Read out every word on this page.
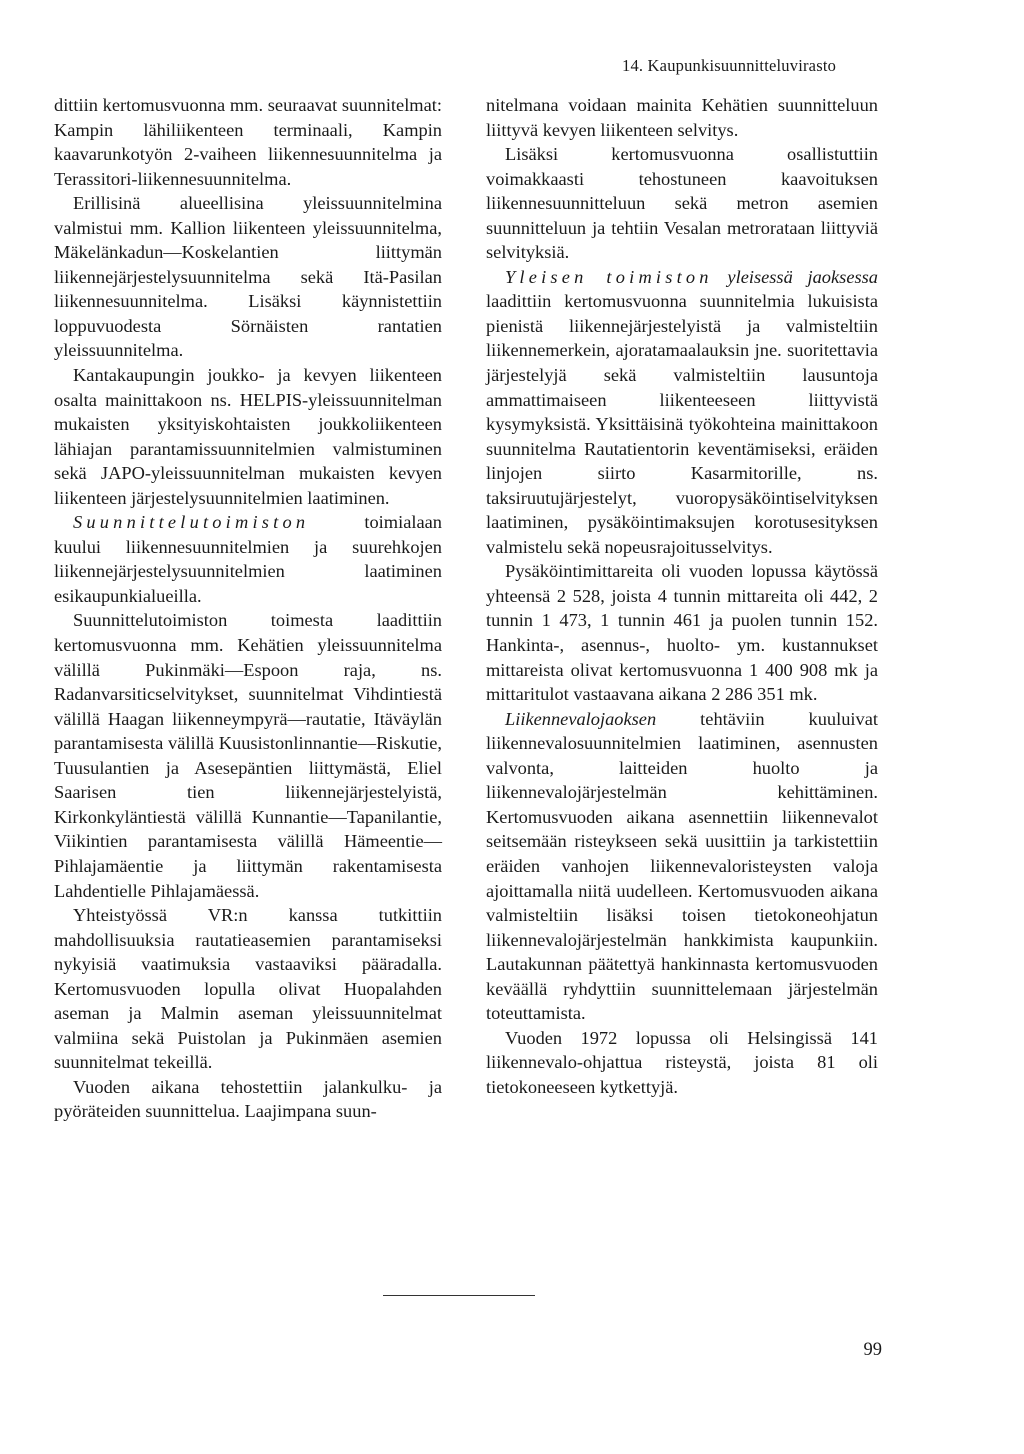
14. Kaupunkisuunnitteluvirasto

dittiin kertomusvuonna mm. seuraavat suunnitelmat: Kampin lähiliikenteen terminaali, Kampin kaavarunkotyön 2-vaiheen liikennesuunnitelma ja Terassitori-liikennesuunnitelma.

Erillisinä alueellisina yleissuunnitelmina valmistui mm. Kallion liikenteen yleissuunnitelma, Mäkelänkadun—Koskelantien liittymän liikennejärjestelysuunnitelma sekä Itä-Pasilan liikennesuunnitelma. Lisäksi käynnistettiin loppuvuodesta Sörnäisten rantatien yleissuunnitelma.

Kantakaupungin joukko- ja kevyen liikenteen osalta mainittakoon ns. HELPIS-yleissuunnitelman mukaisten yksityiskohtaisten joukkoliikenteen lähiajan parantamissuunnitelmien valmistuminen sekä JAPO-yleissuunnitelman mukaisten kevyen liikenteen järjestelysuunnitelmien laatiminen.

Suunnittelutoimiston toimialaan kuului liikennesuunnitelmien ja suurehkojen liikennejärjestelysuunnitelmien laatiminen esikaupunkialueilla.

Suunnittelutoimiston toimesta laadittiin kertomusvuonna mm. Kehätien yleissuunnitelma välillä Pukinmäki—Espoon raja, ns. Radanvarsiticselvitykset, suunnitelmat Vihdintiestä välillä Haagan liikenneympyrä—rautatie, Itäväylän parantamisesta välillä Kuusistonlinnantie—Riskutie, Tuusulantien ja Asesepäntien liittymästä, Eliel Saarisen tien liikennejärjestelyistä, Kirkonkyläntiestä välillä Kunnantie—Tapanilantie, Viikintien parantamisesta välillä Hämeentie—Pihlajamäentie ja liittymän rakentamisesta Lahdentielle Pihlajamäessä.

Yhteistyössä VR:n kanssa tutkittiin mahdollisuuksia rautatieasemien parantamiseksi nykyisiä vaatimuksia vastaaviksi pääradalla. Kertomusvuoden lopulla olivat Huopalahden aseman ja Malmin aseman yleissuunnitelmat valmiina sekä Puistolan ja Pukinmäen asemien suunnitelmat tekeillä.

Vuoden aikana tehostettiin jalankulku- ja pyöräteiden suunnittelua. Laajimpana suun-

nitelmana voidaan mainita Kehätien suunnitteluun liittyvä kevyen liikenteen selvitys.

Lisäksi kertomusvuonna osallistuttiin voimakkaasti tehostuneen kaavoituksen liikennesuunnitteluun sekä metron asemien suunnitteluun ja tehtiin Vesalan metrorataan liittyviä selvityksiä.

Yleisen toimiston yleisessä jaoksessa laadittiin kertomusvuonna suunnitelmia lukuisista pienistä liikennejärjestelyistä ja valmisteltiin liikennemerkein, ajoratamaalauksin jne. suoritettavia järjestelyjä sekä valmisteltiin lausuntoja ammattimaiseen liikenteeseen liittyvistä kysymyksistä. Yksittäisinä työkohteina mainittakoon suunnitelma Rautatientorin keventämiseksi, eräiden linjojen siirto Kasarmitorille, ns. taksiruutujärjestelyt, vuoropysäköintiselvityksen laatiminen, pysäköintimaksujen korotusesityksen valmistelu sekä nopeusrajoitusselvitys.

Pysäköintimittareita oli vuoden lopussa käytössä yhteensä 2 528, joista 4 tunnin mittareita oli 442, 2 tunnin 1 473, 1 tunnin 461 ja puolen tunnin 152. Hankinta-, asennus-, huolto- ym. kustannukset mittareista olivat kertomusvuonna 1 400 908 mk ja mittaritulot vastaavana aikana 2 286 351 mk.

Liikennevalojaoksen tehtäviin kuuluivat liikennevalosuunnitelmien laatiminen, asennusten valvonta, laitteiden huolto ja liikennevalojärjestelmän kehittäminen. Kertomusvuoden aikana asennettiin liikennevalot seitsemään risteykseen sekä uusittiin ja tarkistettiin eräiden vanhojen liikennevaloristeysten valoja ajoittamalla niitä uudelleen. Kertomusvuoden aikana valmisteltiin lisäksi toisen tietokoneohjatun liikennevalojärjestelmän hankkimista kaupunkiin. Lautakunnan päätettyä hankinnasta kertomusvuoden keväällä ryhdyttiin suunnittelemaan järjestelmän toteuttamista.

Vuoden 1972 lopussa oli Helsingissä 141 liikennevalo-ohjattua risteystä, joista 81 oli tietokoneeseen kytkettyjä.

99
